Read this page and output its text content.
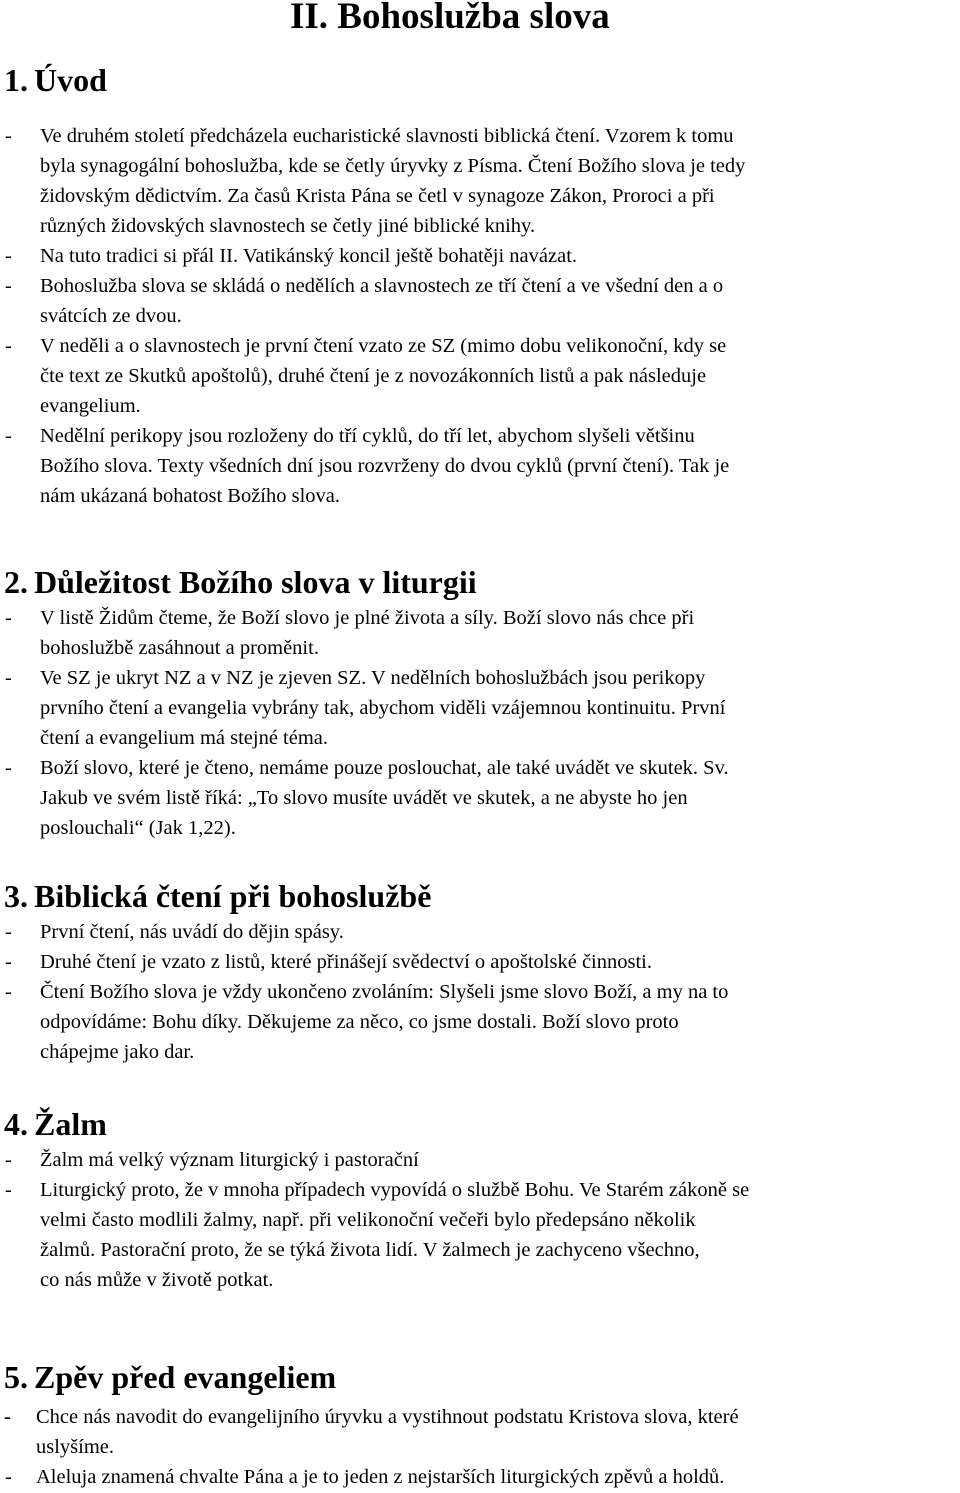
II. Bohoslužba slova
1. Úvod
- Ve druhém století předcházela eucharistické slavnosti biblická čtení. Vzorem k tomu
byla synagogální bohoslužba, kde se četly úryvky z Písma. Čtení Božího slova je tedy
židovským dědictvím. Za časů Krista Pána se četl v synagoze Zákon, Proroci a při
různých židovských slavnostech se četly jiné biblické knihy.
- Na tuto tradici si přál II. Vatikánský koncil ještě bohatěji navázat.
- Bohoslužba slova se skládá o nedělích a slavnostech ze tří čtení a ve všední den a o
svátcích ze dvou.
- V neděli a o slavnostech je první čtení vzato ze SZ (mimo dobu velikonoční, kdy se
čte text ze Skutků apoštolů), druhé čtení je z novozákonních listů a pak následuje
evangelium.
- Nedělní perikopy jsou rozloženy do tří cyklů, do tří let, abychom slyšeli většinu
Božího slova. Texty všedních dní jsou rozvrženy do dvou cyklů (první čtení). Tak je
nám ukázaná bohatost Božího slova.
2. Důležitost Božího slova v liturgii
- V listě Židům čteme, že Boží slovo je plné života a síly. Boží slovo nás chce při
bohoslužbě zasáhnout a proměnit.
- Ve SZ je ukryt NZ a v NZ je zjeven SZ. V nedělních bohoslužbách jsou perikopy
prvního čtení a evangelia vybrány tak, abychom viděli vzájemnou kontinuitu. První
čtení a evangelium má stejné téma.
- Boží slovo, které je čteno, nemáme pouze poslouchat, ale také uvádět ve skutek. Sv.
Jakub ve svém listě říká: „To slovo musíte uvádět ve skutek, a ne abyste ho jen
poslouchali“ (Jak 1,22).
3. Biblická čtení při bohoslužbě
- První čtení, nás uvádí do dějin spásy.
- Druhé čtení je vzato z listů, které přinášejí svědectví o apoštolské činnosti.
- Čtení Božího slova je vždy ukončeno zvoláním: Slyšeli jsme slovo Boží, a my na to
odpovídáme: Bohu díky. Děkujeme za něco, co jsme dostali. Boží slovo proto
chápejme jako dar.
4. Žalm
- Žalm má velký význam liturgický i pastorační
- Liturgický proto, že v mnoha případech vypovídá o službě Bohu. Ve Starém zákoně se
velmi často modlili žalmy, např. při velikonoční večeři bylo předepsáno několik
žalmů. Pastorační proto, že se týká života lidí. V žalmech je zachyceno všechno,
co nás může v životě potkat.
5. Zpěv před evangeliem
- Chce nás navodit do evangelijního úryvku a vystihnout podstatu Kristova slova, které
uslyšíme.
- Aleluja znamená chvalte Pána a je to jeden z nejstarších liturgických zpěvů a holdů.
